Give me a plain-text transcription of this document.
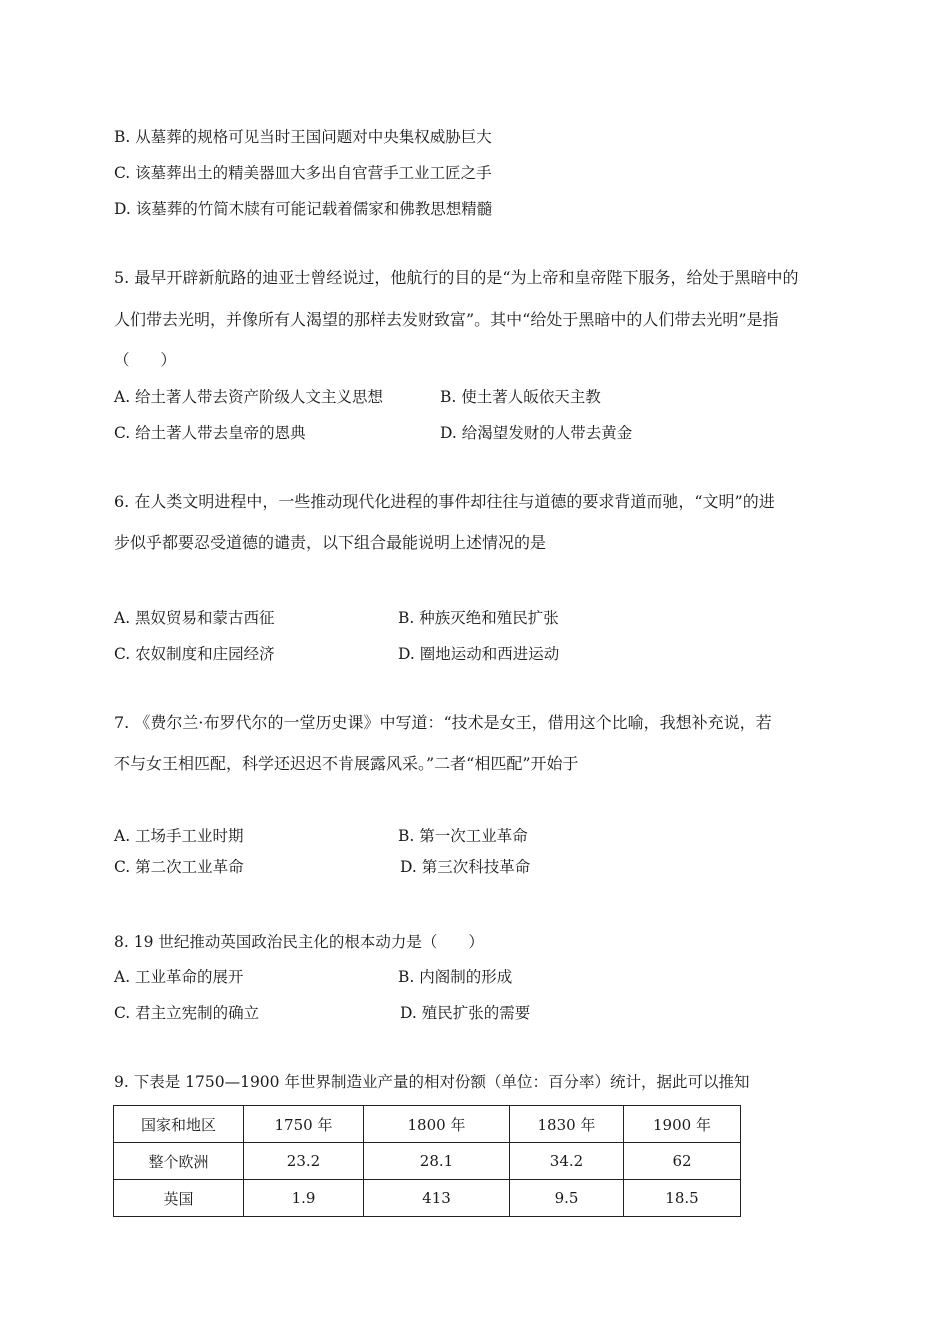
B. 从墓葬的规格可见当时王国问题对中央集权威胁巨大
C. 该墓葬出土的精美器皿大多出自官营手工业工匠之手
D. 该墓葬的竹简木牍有可能记载着儒家和佛教思想精髓
5. 最早开辟新航路的迪亚士曾经说过，他航行的目的是“为上帝和皇帝陛下服务，给处于黑暗中的
人们带去光明，并像所有人渴望的那样去发财致富”。其中“给处于黑暗中的人们带去光明”是指
（　　）
A. 给土著人带去资产阶级人文主义思想	B. 使土著人皈依天主教
C. 给土著人带去皇帝的恩典	D. 给渴望发财的人带去黄金
6. 在人类文明进程中，一些推动现代化进程的事件却往往与道德的要求背道而驰，“文明”的进
步似乎都要忍受道德的谴责，以下组合最能说明上述情况的是
A. 黑奴贸易和蒙古西征	B. 种族灭绝和殖民扩张
C. 农奴制度和庄园经济	D. 圈地运动和西进运动
7. 《费尔兰·布罗代尔的一堂历史课》中写道：“技术是女王，借用这个比喻，我想补充说，若
不与女王相匹配，科学还迟迟不肯展露风采。”二者“相匹配”开始于
A. 工场手工业时期	B. 第一次工业革命
C. 第二次工业革命	D. 第三次科技革命
8. 19 世纪推动英国政治民主化的根本动力是（　　）
A. 工业革命的展开	B. 内阁制的形成
C. 君主立宪制的确立	D. 殖民扩张的需要
9. 下表是 1750—1900 年世界制造业产量的相对份额（单位：百分率）统计，据此可以推知
国家和地区	1750 年	1800 年	1830 年	1900 年
整个欧洲	23.2	28.1	34.2	62
英国	1.9	413	9.5	18.5
